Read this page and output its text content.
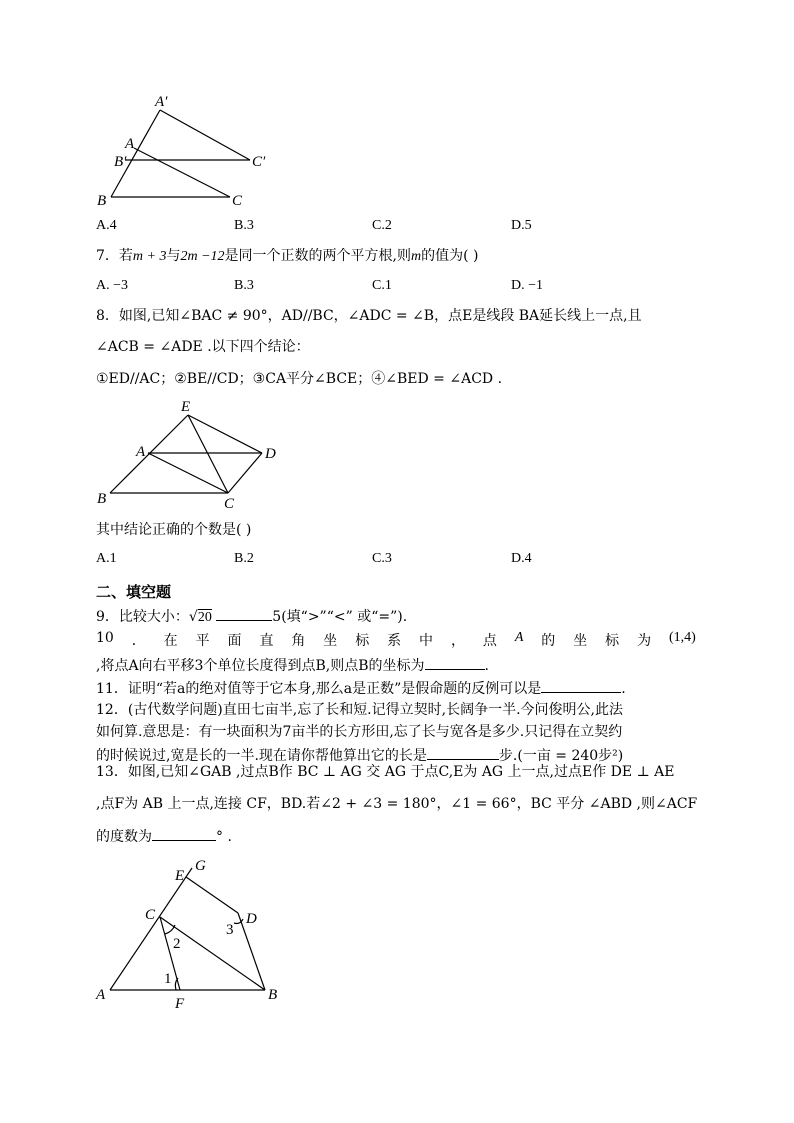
A′
A
B′	C′
B	C
A.4	B.3	C.2	D.5
7．若m + 3与2m −12是同一个正数的两个平方根,则m的值为( )
A. −3	B.3	C.1	D. −1
8．如图,已知∠BAC ≠ 90°，AD//BC，∠ADC = ∠B，点E是线段 BA延长线上一点,且
∠ACB = ∠ADE .以下四个结论：
①ED//AC；②BE//CD；③CA平分∠BCE；④∠BED = ∠ACD .
E
A	D
B	C
其中结论正确的个数是( )
A.1	B.2	C.3	D.4
二、填空题
9．比较大小：√20	5(填“>”“<” 或“=”).
10 ． 在 平 面 直 角 坐 标 系 中 ， 点 A 的 坐 标 为 (1,4)
,将点A向右平移3个单位长度得到点B,则点B的坐标为	.
11．证明“若a的绝对值等于它本身,那么a是正数”是假命题的反例可以是	.
12．(古代数学问题)直田七亩半,忘了长和短.记得立契时,长阔争一半.今问俊明公,此法
如何算.意思是：有一块面积为7亩半的长方形田,忘了长与宽各是多少.只记得在立契约
的时候说过,宽是长的一半.现在请你帮他算出它的长是	步.(一亩 = 240步²)
13．如图,已知∠GAB ,过点B作 BC ⊥ AG 交 AG 于点C,E为 AG 上一点,过点E作 DE ⊥ AE
,点F为 AB 上一点,连接 CF，BD.若∠2 + ∠3 = 180°，∠1 = 66°，BC 平分 ∠ABD ,则∠ACF
的度数为	° .
E
G
C	D
2
3
1
A
F
B
